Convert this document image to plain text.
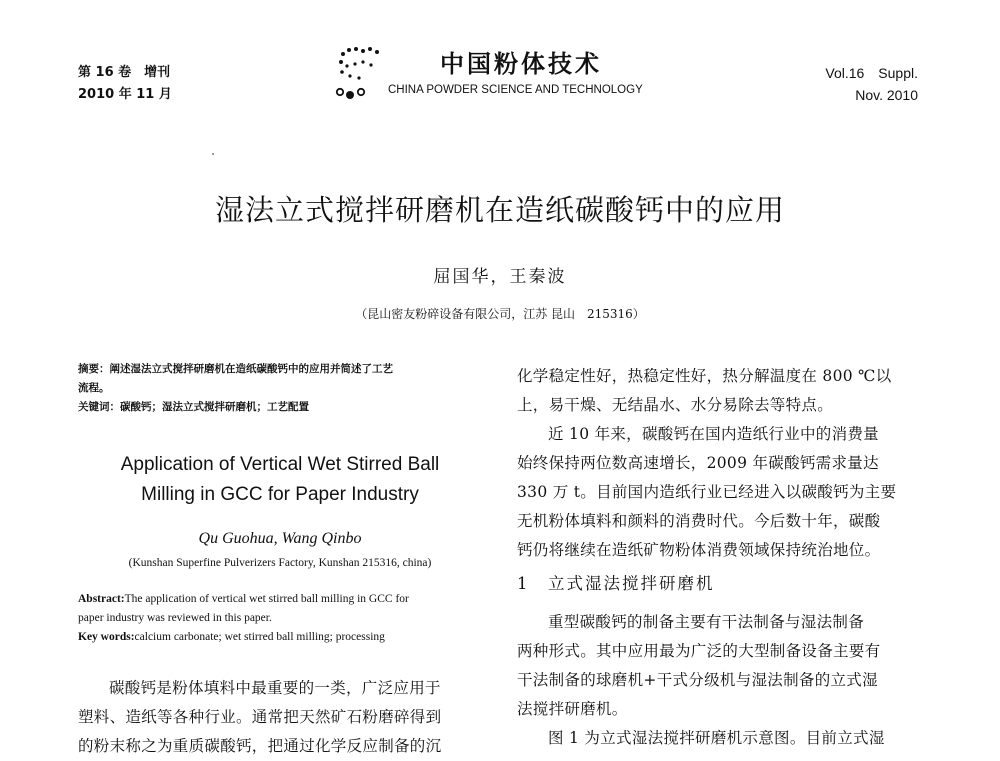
第 16 卷　增刊
2010 年 11 月
中国粉体技术
CHINA POWDER SCIENCE AND TECHNOLOGY
Vol.16　Suppl.
Nov. 2010
湿法立式搅拌研磨机在造纸碳酸钙中的应用
屈国华，王秦波
（昆山密友粉碎设备有限公司，江苏 昆山　215316）
摘要：阐述湿法立式搅拌研磨机在造纸碳酸钙中的应用并简述了工艺
流程。
关键词：碳酸钙；湿法立式搅拌研磨机；工艺配置
Application of Vertical Wet Stirred Ball
Milling in GCC for Paper Industry
Qu Guohua, Wang Qinbo
(Kunshan Superfine Pulverizers Factory, Kunshan 215316, china)
Abstract:The application of vertical wet stirred ball milling in GCC for
paper industry was reviewed in this paper.
Key words:calcium carbonate; wet stirred ball milling; processing
碳酸钙是粉体填料中最重要的一类，广泛应用于
塑料、造纸等各种行业。通常把天然矿石粉磨碎得到
的粉末称之为重质碳酸钙，把通过化学反应制备的沉
化学稳定性好，热稳定性好，热分解温度在 800 ℃以
上，易干燥、无结晶水、水分易除去等特点。
近 10 年来，碳酸钙在国内造纸行业中的消费量
始终保持两位数高速增长，2009 年碳酸钙需求量达
330 万 t。目前国内造纸行业已经进入以碳酸钙为主要
无机粉体填料和颜料的消费时代。今后数十年，碳酸
钙仍将继续在造纸矿物粉体消费领域保持统治地位。
1　立式湿法搅拌研磨机
重型碳酸钙的制备主要有干法制备与湿法制备
两种形式。其中应用最为广泛的大型制备设备主要有
干法制备的球磨机+干式分级机与湿法制备的立式湿
法搅拌研磨机。
图 1 为立式湿法搅拌研磨机示意图。目前立式湿
